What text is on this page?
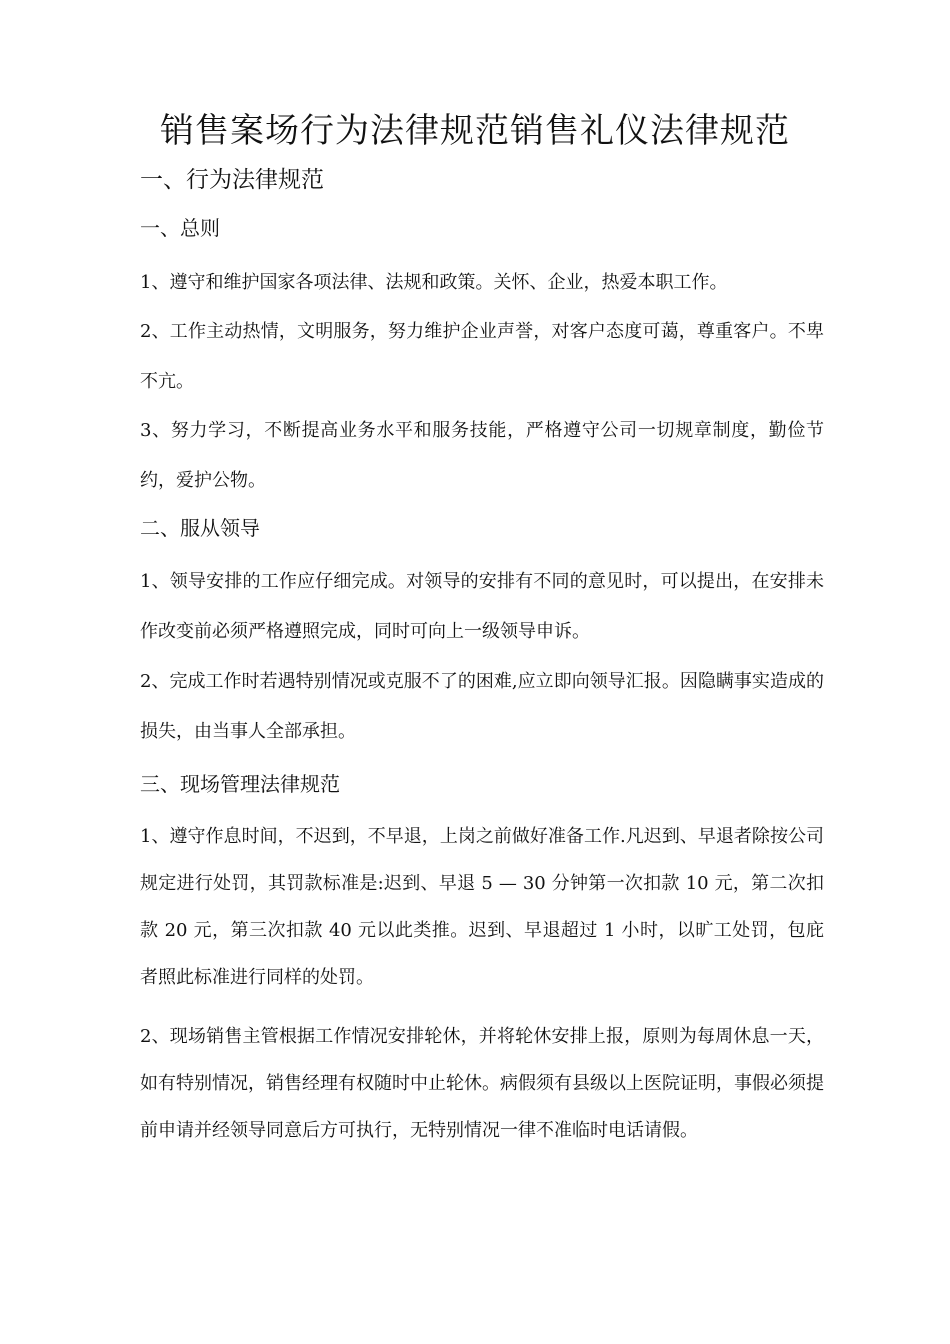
销售案场行为法律规范销售礼仪法律规范
一、行为法律规范
一、总则

1、遵守和维护国家各项法律、法规和政策。关怀、企业，热爱本职工作。

2、工作主动热情，文明服务，努力维护企业声誉，对客户态度可蔼，尊重客户。不卑不亢。

3、努力学习，不断提高业务水平和服务技能，严格遵守公司一切规章制度，勤俭节约，爱护公物。

二、服从领导

1、领导安排的工作应仔细完成。对领导的安排有不同的意见时，可以提出，在安排未作改变前必须严格遵照完成，同时可向上一级领导申诉。

2、完成工作时若遇特别情况或克服不了的困难,应立即向领导汇报。因隐瞒事实造成的损失，由当事人全部承担。

三、现场管理法律规范

1、遵守作息时间，不迟到，不早退，上岗之前做好准备工作.凡迟到、早退者除按公司规定进行处罚，其罚款标准是:迟到、早退 5 — 30 分钟第一次扣款 10 元，第二次扣款 20 元，第三次扣款 40 元以此类推。迟到、早退超过 1 小时，以旷工处罚，包庇者照此标准进行同样的处罚。

2、现场销售主管根据工作情况安排轮休，并将轮休安排上报，原则为每周休息一天，如有特别情况，销售经理有权随时中止轮休。病假须有县级以上医院证明，事假必须提前申请并经领导同意后方可执行，无特别情况一律不准临时电话请假。
